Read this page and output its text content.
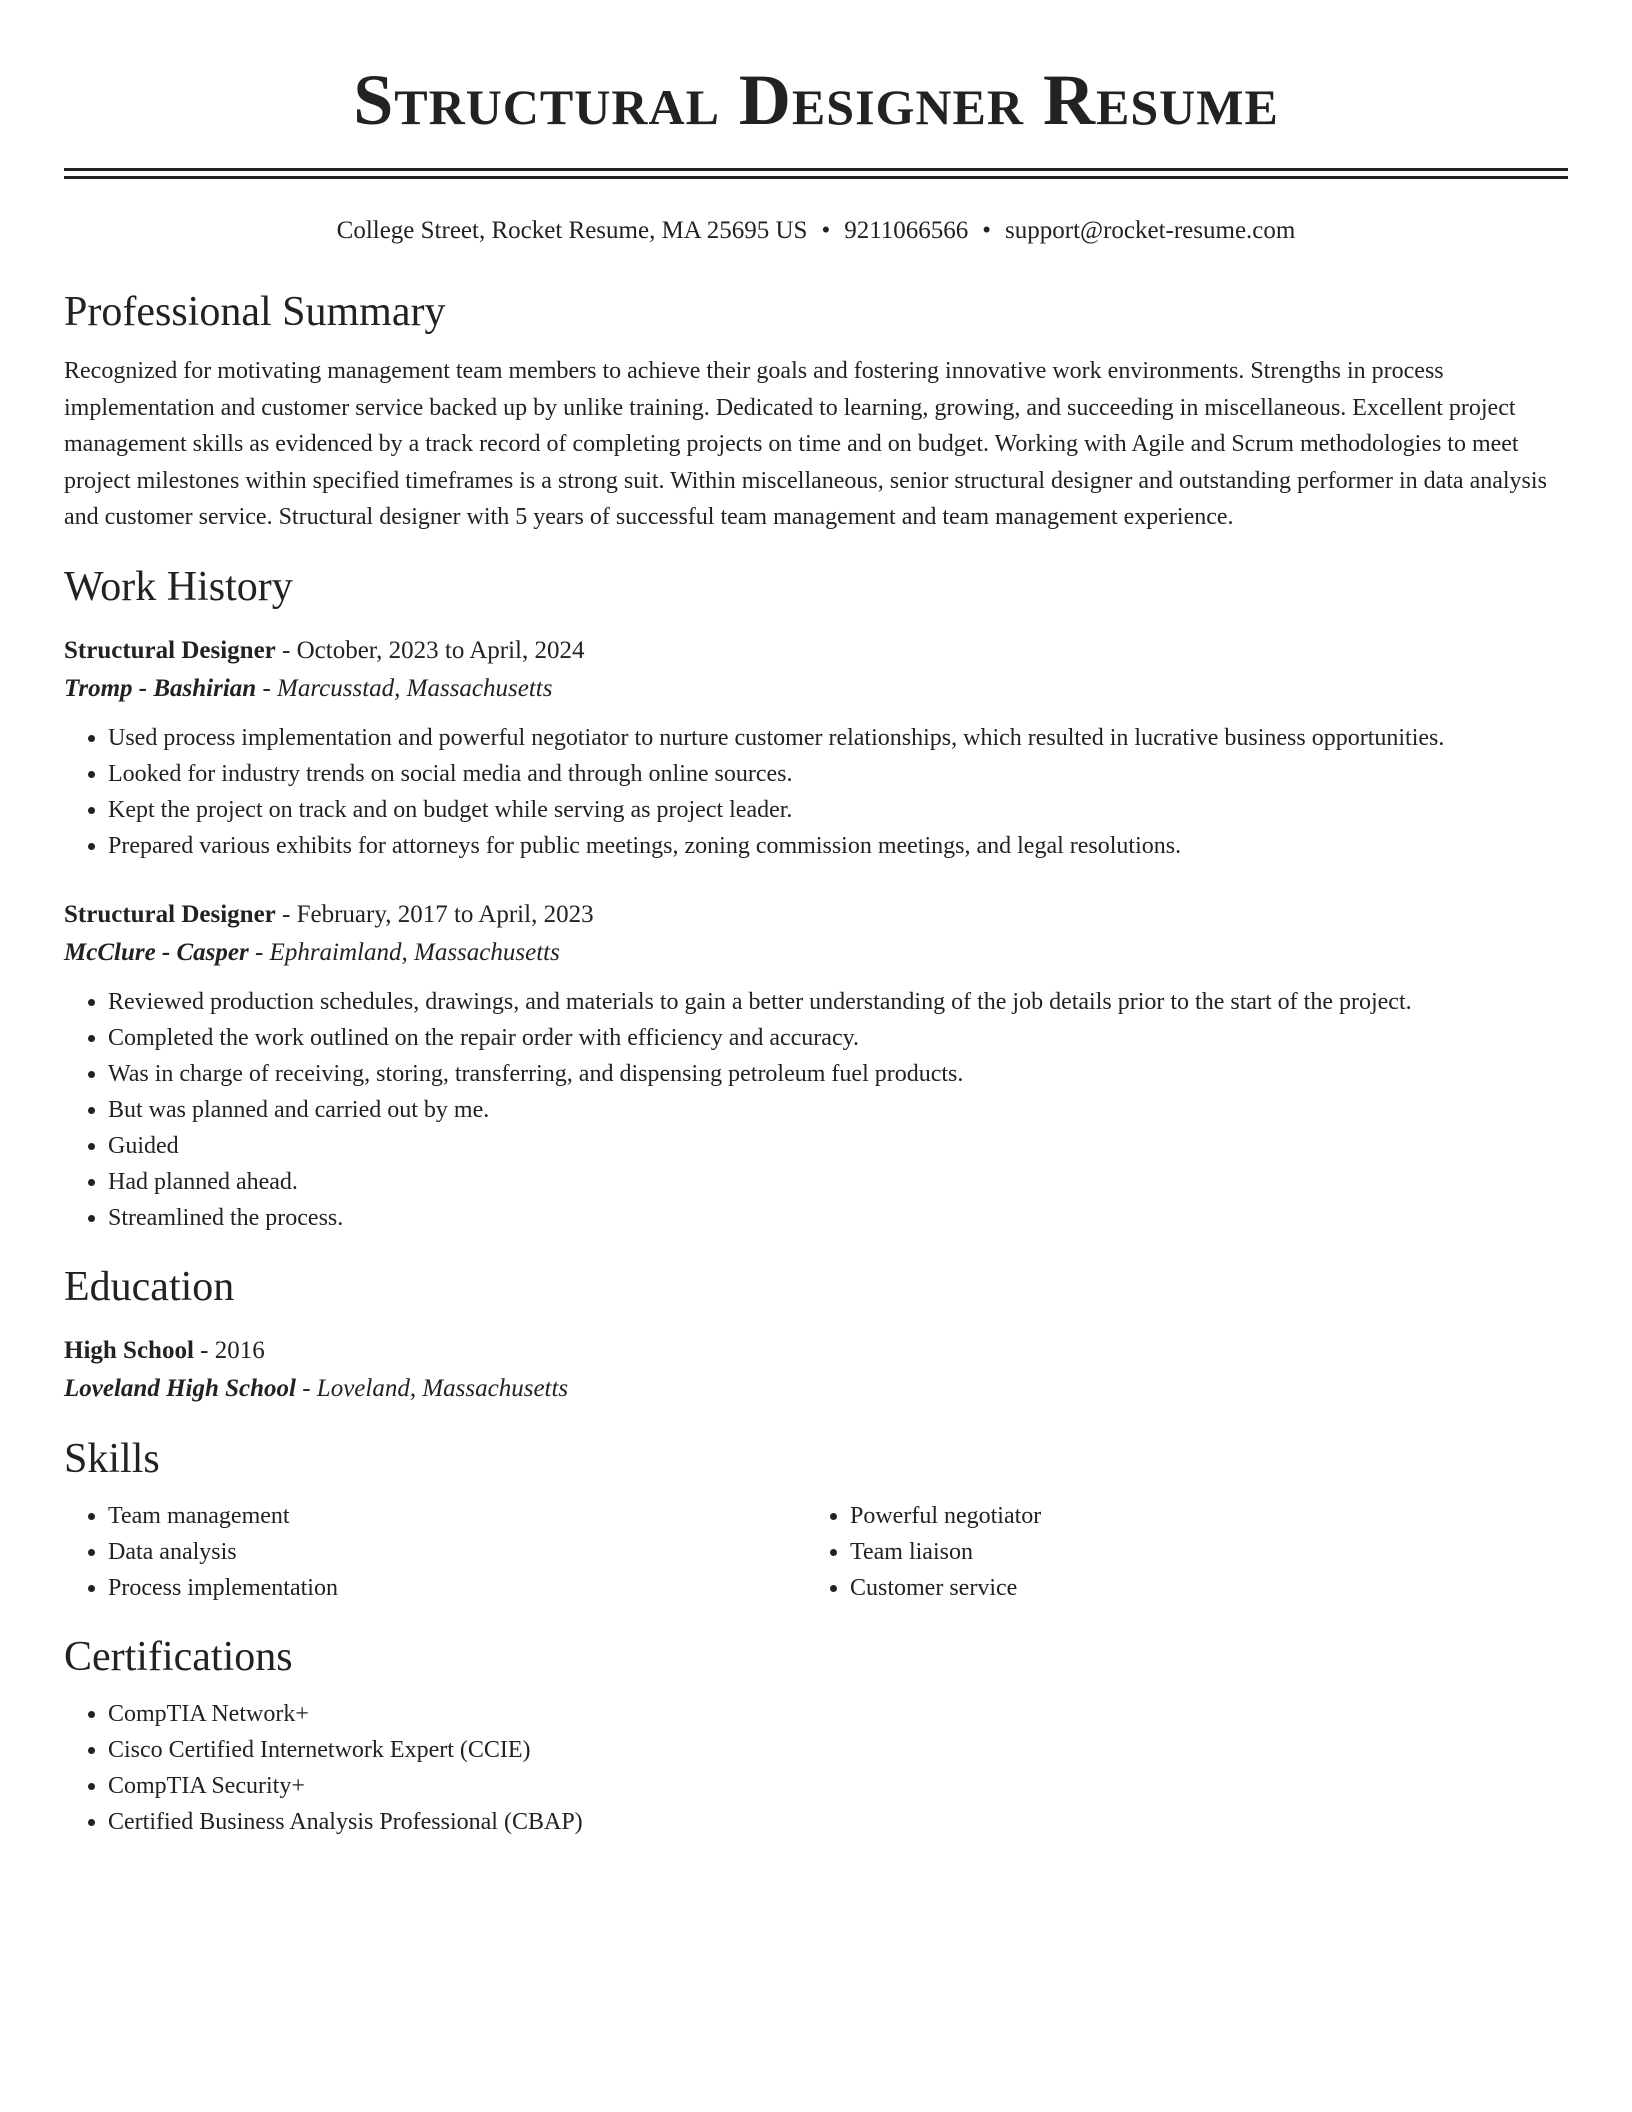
Structural Designer Resume
College Street, Rocket Resume, MA 25695 US • 9211066566 • support@rocket-resume.com
Professional Summary
Recognized for motivating management team members to achieve their goals and fostering innovative work environments. Strengths in process implementation and customer service backed up by unlike training. Dedicated to learning, growing, and succeeding in miscellaneous. Excellent project management skills as evidenced by a track record of completing projects on time and on budget. Working with Agile and Scrum methodologies to meet project milestones within specified timeframes is a strong suit. Within miscellaneous, senior structural designer and outstanding performer in data analysis and customer service. Structural designer with 5 years of successful team management and team management experience.
Work History
Structural Designer - October, 2023 to April, 2024
Tromp - Bashirian - Marcusstad, Massachusetts
• Used process implementation and powerful negotiator to nurture customer relationships, which resulted in lucrative business opportunities.
• Looked for industry trends on social media and through online sources.
• Kept the project on track and on budget while serving as project leader.
• Prepared various exhibits for attorneys for public meetings, zoning commission meetings, and legal resolutions.
Structural Designer - February, 2017 to April, 2023
McClure - Casper - Ephraimland, Massachusetts
• Reviewed production schedules, drawings, and materials to gain a better understanding of the job details prior to the start of the project.
• Completed the work outlined on the repair order with efficiency and accuracy.
• Was in charge of receiving, storing, transferring, and dispensing petroleum fuel products.
• But was planned and carried out by me.
• Guided
• Had planned ahead.
• Streamlined the process.
Education
High School - 2016
Loveland High School - Loveland, Massachusetts
Skills
• Team management
• Data analysis
• Process implementation
• Powerful negotiator
• Team liaison
• Customer service
Certifications
• CompTIA Network+
• Cisco Certified Internetwork Expert (CCIE)
• CompTIA Security+
• Certified Business Analysis Professional (CBAP)
